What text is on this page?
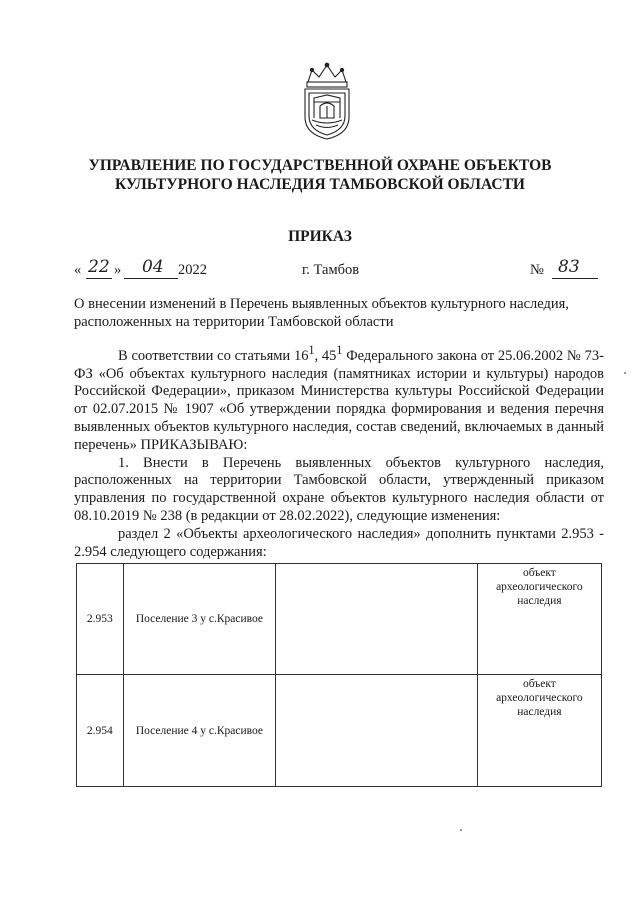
УПРАВЛЕНИЕ ПО ГОСУДАРСТВЕННОЙ ОХРАНЕ ОБЪЕКТОВ
КУЛЬТУРНОГО НАСЛЕДИЯ ТАМБОВСКОЙ ОБЛАСТИ
ПРИКАЗ
« 22 » 04 2022	г. Тамбов	№ 83
О внесении изменений в Перечень выявленных объектов культурного наследия,
расположенных на территории Тамбовской области

В соответствии со статьями $16^1$, $45^1$ Федерального закона от 25.06.2002 № 73-ФЗ «Об объектах культурного наследия (памятниках истории и культуры) народов Российской Федерации», приказом Министерства культуры Российской Федерации от 02.07.2015 № 1907 «Об утверждении порядка формирования и ведения перечня выявленных объектов культурного наследия, состав сведений, включаемых в данный перечень» ПРИКАЗЫВАЮ:

1. Внести в Перечень выявленных объектов культурного наследия, расположенных на территории Тамбовской области, утвержденный приказом управления по государственной охране объектов культурного наследия области от 08.10.2019 № 238 (в редакции от 28.02.2022), следующие изменения:

раздел 2 «Объекты археологического наследия» дополнить пунктами 2.953 - 2.954 следующего содержания:

2.953	Поселение 3 у с.Красивое		объект археологического наследия
2.954	Поселение 4 у с.Красивое		объект археологического наследия
